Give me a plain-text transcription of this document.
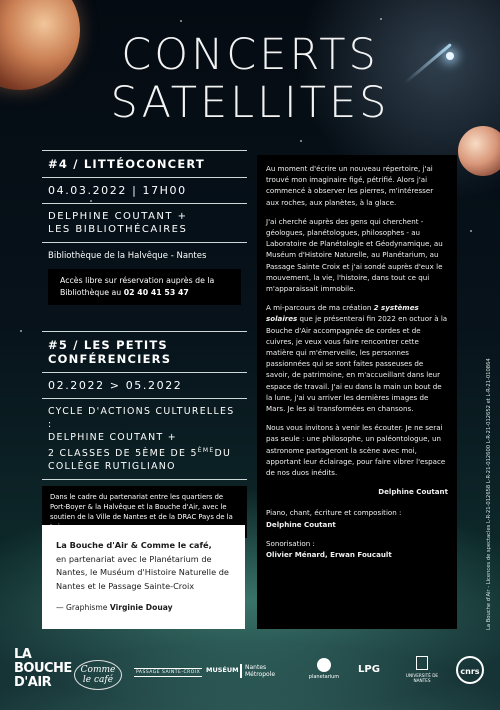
CONCERTS
SATELLITES
#4 / LITTÉOCONCERT
04.03.2022 | 17H00
DELPHINE COUTANT +
LES BIBLIOTHÉCAIRES
Bibliothèque de la Halvêque - Nantes
Accès libre sur réservation auprès de la Bibliothèque au 02 40 41 53 47
#5 / LES PETITS CONFÉRENCIERS
02.2022 > 05.2022
CYCLE D'ACTIONS CULTURELLES :
DELPHINE COUTANT +
2 CLASSES DE 5ÈME DE 5ÈMEDU
COLLÈGE RUTIGLIANO
Dans le cadre du partenariat entre les quartiers de Port-Boyer & la Halvêque et la Bouche d'Air, avec le soutien de la Ville de Nantes et de la DRAC Pays de la

Au moment d'écrire un nouveau répertoire, j'ai trouvé mon imaginaire figé, pétrifié. Alors j'ai commencé à observer les pierres, m'intéresser aux roches, aux planètes, à la glace.

J'ai cherché auprès des gens qui cherchent - géologues, planétologues, philosophes - au Laboratoire de Planétologie et Géodynamique, au Muséum d'Histoire Naturelle, au Planétarium, au Passage Sainte Croix et j'ai sondé auprès d'eux le mouvement, la vie, l'histoire, dans tout ce qui m'apparaissait immobile.

A mi-parcours de ma création 2 systèmes solaires que je présenterai fin 2022 en octuor à la Bouche d'Air accompagnée de cordes et de cuivres, je veux vous faire rencontrer cette matière qui m'émerveille, les personnes passionnées qui se sont faites passeuses de savoir, de patrimoine, en m'accueillant dans leur espace de travail. J'ai eu dans la main un bout de la lune, j'ai vu arriver les dernières images de Mars. Je les ai transformées en chansons.

Nous vous invitons à venir les écouter. Je ne serai pas seule : une philosophe, un paléontologue, un astronome partageront la scène avec moi, apportant leur éclairage, pour faire vibrer l'espace de nos duos inédits.

Delphine Coutant
Piano, chant, écriture et composition :
Delphine Coutant
Sonorisation :
Olivier Ménard, Erwan Foucault
La Bouche d'Air & Comme le café,
en partenariat avec le Planétarium de Nantes, le Muséum d'Histoire Naturelle de Nantes et le Passage Sainte-Croix
— Graphisme Virginie Douay	La Bouche d'Air - Licences de spectacles L-R-21-012658 L-R-21-012600 L-R-21-012652 et L-R-21-010864
LA
BOUCHE
D'AIR
Comme
le café
PASSAGE SAINTE-CROIX MUSÉUM Nantes
Métropole	planetarium
LPG
UNIVERSITÉ DE NANTES
cnrs
